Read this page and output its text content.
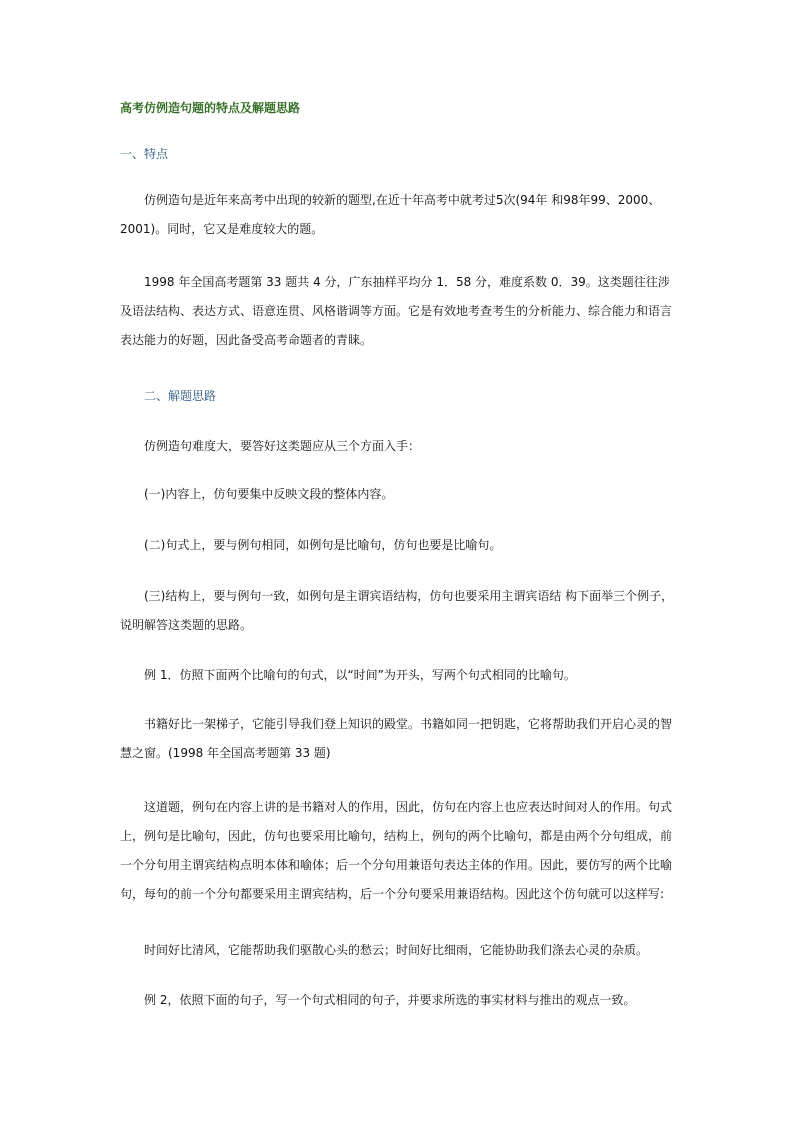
高考仿例造句题的特点及解题思路
一、特点
仿例造句是近年来高考中出现的较新的题型,在近十年高考中就考过5次(94年 和98年99、2000、2001)。同时，它又是难度较大的题。
1998 年全国高考题第 33 题共 4 分，广东抽样平均分 1．58 分，难度系数 0．39。这类题往往涉及语法结构、表达方式、语意连贯、风格谐调等方面。它是有效地考查考生的分析能力、综合能力和语言表达能力的好题，因此备受高考命题者的青睐。
二、解题思路
仿例造句难度大，要答好这类题应从三个方面入手：
(一)内容上，仿句要集中反映文段的整体内容。
(二)句式上，要与例句相同，如例句是比喻句，仿句也要是比喻句。
(三)结构上，要与例句一致，如例句是主谓宾语结构，仿句也要采用主谓宾语结 构下面举三个例子，说明解答这类题的思路。
例 1．仿照下面两个比喻句的句式，以“时间”为开头，写两个句式相同的比喻句。
书籍好比一架梯子，它能引导我们登上知识的殿堂。书籍如同一把钥匙，它将帮助我们开启心灵的智慧之窗。(1998 年全国高考题第 33 题)
这道题，例句在内容上讲的是书籍对人的作用，因此，仿句在内容上也应表达时间对人的作用。句式上，例句是比喻句，因此，仿句也要采用比喻句，结构上，例句的两个比喻句，都是由两个分句组成，前一个分句用主谓宾结构点明本体和喻体；后一个分句用兼语句表达主体的作用。因此，要仿写的两个比喻句，每句的前一个分句都要采用主谓宾结构，后一个分句要采用兼语结构。因此这个仿句就可以这样写:
时间好比清风，它能帮助我们驱散心头的愁云；时间好比细雨，它能协助我们涤去心灵的杂质。
例 2，依照下面的句子，写一个句式相同的句子，并要求所选的事实材料与推出的观点一致。
